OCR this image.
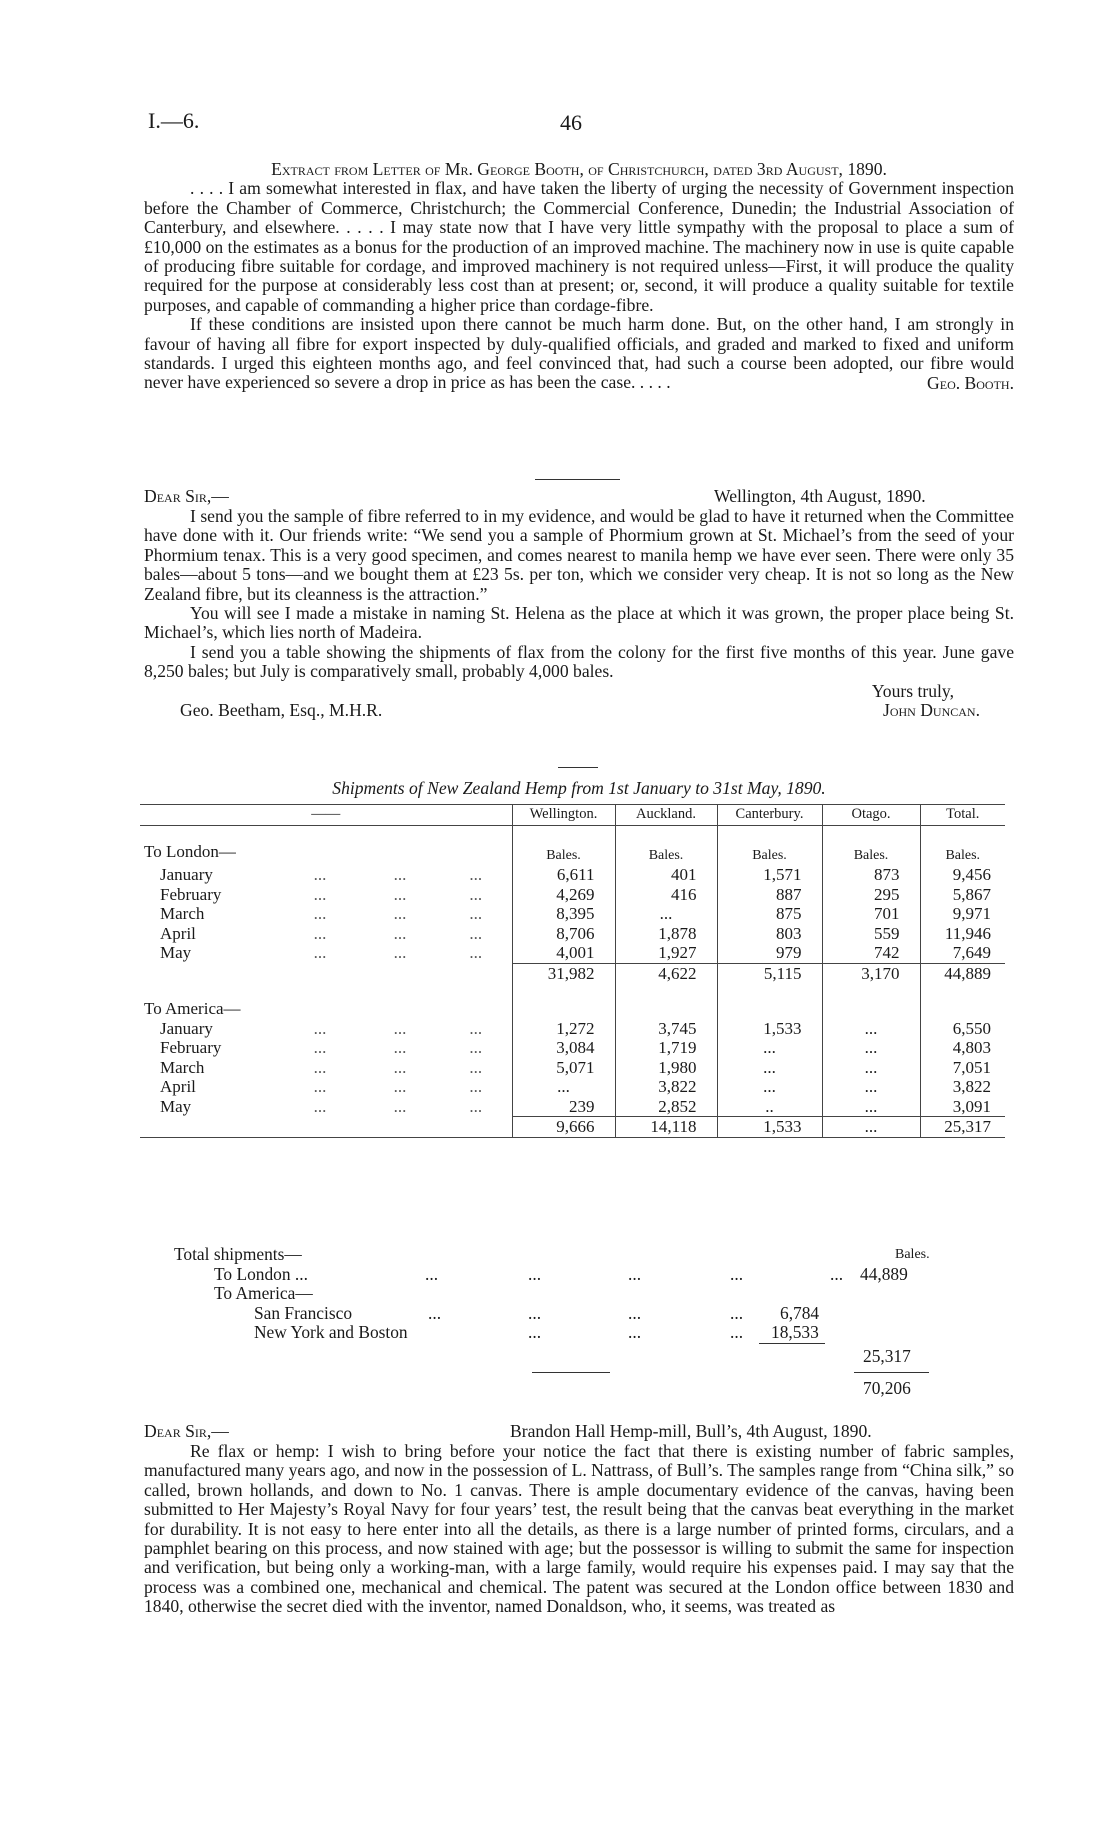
I.—6.	46

Extract from Letter of Mr. George Booth, of Christchurch, dated 3rd August, 1890.

. . . . I am somewhat interested in flax, and have taken the liberty of urging the necessity of Government inspection before the Chamber of Commerce, Christchurch; the Commercial Conference, Dunedin; the Industrial Association of Canterbury, and elsewhere. . . . . I may state now that I have very little sympathy with the proposal to place a sum of £10,000 on the estimates as a bonus for the production of an improved machine. The machinery now in use is quite capable of producing fibre suitable for cordage, and improved machinery is not required unless—First, it will produce the quality required for the purpose at considerably less cost than at present; or, second, it will produce a quality suitable for textile purposes, and capable of commanding a higher price than cordage-fibre.

If these conditions are insisted upon there cannot be much harm done. But, on the other hand, I am strongly in favour of having all fibre for export inspected by duly-qualified officials, and graded and marked to fixed and uniform standards. I urged this eighteen months ago, and feel convinced that, had such a course been adopted, our fibre would never have experienced so severe a drop in price as has been the case. . . . .	Geo. Booth.

Dear Sir,—	Wellington, 4th August, 1890.

I send you the sample of fibre referred to in my evidence, and would be glad to have it returned when the Committee have done with it. Our friends write: “We send you a sample of Phormium grown at St. Michael’s from the seed of your Phormium tenax. This is a very good specimen, and comes nearest to manila hemp we have ever seen. There were only 35 bales—about 5 tons—and we bought them at £23 5s. per ton, which we consider very cheap. It is not so long as the New Zealand fibre, but its cleanness is the attraction.”

You will see I made a mistake in naming St. Helena as the place at which it was grown, the proper place being St. Michael’s, which lies north of Madeira.

I send you a table showing the shipments of flax from the colony for the first five months of this year. June gave 8,250 bales; but July is comparatively small, probably 4,000 bales.

Yours truly,

Geo. Beetham, Esq., M.H.R.	John Duncan.
Shipments of New Zealand Hemp from 1st January to 31st May, 1890.
——				Wellington.	Auckland.	Canterbury.	Otago.	Total.
To London—				Bales.	Bales.	Bales.	Bales.	Bales.
January	...	...	...	6,611	401	1,571	873	9,456
February	...	...	...	4,269	416	887	295	5,867
March	...	...	...	8,395	...	875	701	9,971
April	...	...	...	8,706	1,878	803	559	11,946
May	...	...	...	4,001	1,927	979	742	7,649
				31,982	4,622	5,115	3,170	44,889
To America—								
January	...	...	...	1,272	3,745	1,533	...	6,550
February	...	...	...	3,084	1,719	...	...	4,803
March	...	...	...	5,071	1,980	...	...	7,051
April	...	...	...	...	3,822	...	...	3,822
May	...	...	...	239	2,852	..	...	3,091
				9,666	14,118	1,533	...	25,317
Total shipments—	Bales.
To London ...	...	...	...	...	... 44,889
To America—
San Francisco	...	...	...	... 6,784
New York and Boston	...	...	... 18,533
25,317
70,206
Dear Sir,—	Brandon Hall Hemp-mill, Bull’s, 4th August, 1890.

Re flax or hemp: I wish to bring before your notice the fact that there is existing number of fabric samples, manufactured many years ago, and now in the possession of L. Nattrass, of Bull’s. The samples range from “China silk,” so called, brown hollands, and down to No. 1 canvas. There is ample documentary evidence of the canvas, having been submitted to Her Majesty’s Royal Navy for four years’ test, the result being that the canvas beat everything in the market for durability. It is not easy to here enter into all the details, as there is a large number of printed forms, circulars, and a pamphlet bearing on this process, and now stained with age; but the possessor is willing to submit the same for inspection and verification, but being only a working-man, with a large family, would require his expenses paid. I may say that the process was a combined one, mechanical and chemical. The patent was secured at the London office between 1830 and 1840, otherwise the secret died with the inventor, named Donaldson, who, it seems, was treated as
